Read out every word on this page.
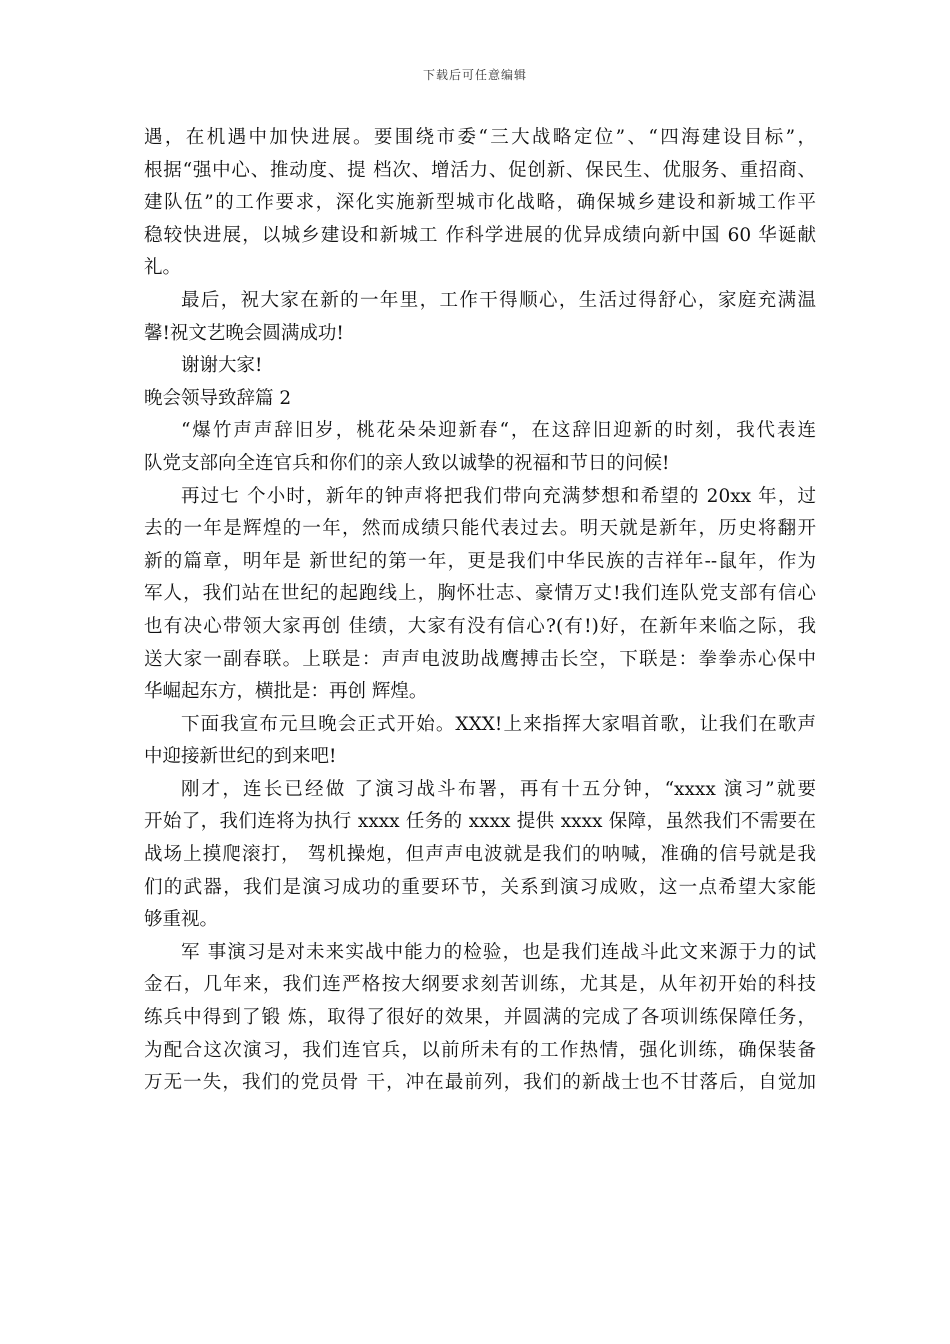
下载后可任意编辑
遇，在机遇中加快进展。要围绕市委“三大战略定位”、“四海建设目标”，
根据“强中心、推动度、提 档次、增活力、促创新、保民生、优服务、重招商、
建队伍”的工作要求，深化实施新型城市化战略，确保城乡建设和新城工作平
稳较快进展，以城乡建设和新城工 作科学进展的优异成绩向新中国 60 华诞献
礼。
最后，祝大家在新的一年里，工作干得顺心，生活过得舒心，家庭充满温
馨!祝文艺晚会圆满成功!
谢谢大家!
晚会领导致辞篇 2
“爆竹声声辞旧岁，桃花朵朵迎新春“，在这辞旧迎新的时刻，我代表连
队党支部向全连官兵和你们的亲人致以诚挚的祝福和节日的问候!
再过七 个小时，新年的钟声将把我们带向充满梦想和希望的 20xx 年，过
去的一年是辉煌的一年，然而成绩只能代表过去。明天就是新年，历史将翻开
新的篇章，明年是 新世纪的第一年，更是我们中华民族的吉祥年--鼠年，作为
军人，我们站在世纪的起跑线上，胸怀壮志、豪情万丈!我们连队党支部有信心
也有决心带领大家再创 佳绩，大家有没有信心?(有!)好，在新年来临之际，我
送大家一副春联。上联是：声声电波助战鹰搏击长空，下联是：拳拳赤心保中
华崛起东方，横批是：再创 辉煌。
下面我宣布元旦晚会正式开始。XXX!上来指挥大家唱首歌，让我们在歌声
中迎接新世纪的到来吧!
刚才，连长已经做 了演习战斗布署，再有十五分钟，“xxxx 演习”就要
开始了，我们连将为执行 xxxx 任务的 xxxx 提供 xxxx 保障，虽然我们不需要在
战场上摸爬滚打， 驾机操炮，但声声电波就是我们的呐喊，准确的信号就是我
们的武器，我们是演习成功的重要环节，关系到演习成败，这一点希望大家能
够重视。
军 事演习是对未来实战中能力的检验，也是我们连战斗此文来源于力的试
金石，几年来，我们连严格按大纲要求刻苦训练，尤其是，从年初开始的科技
练兵中得到了锻 炼，取得了很好的效果，并圆满的完成了各项训练保障任务，
为配合这次演习，我们连官兵，以前所未有的工作热情，强化训练，确保装备
万无一失，我们的党员骨 干，冲在最前列，我们的新战士也不甘落后，自觉加
